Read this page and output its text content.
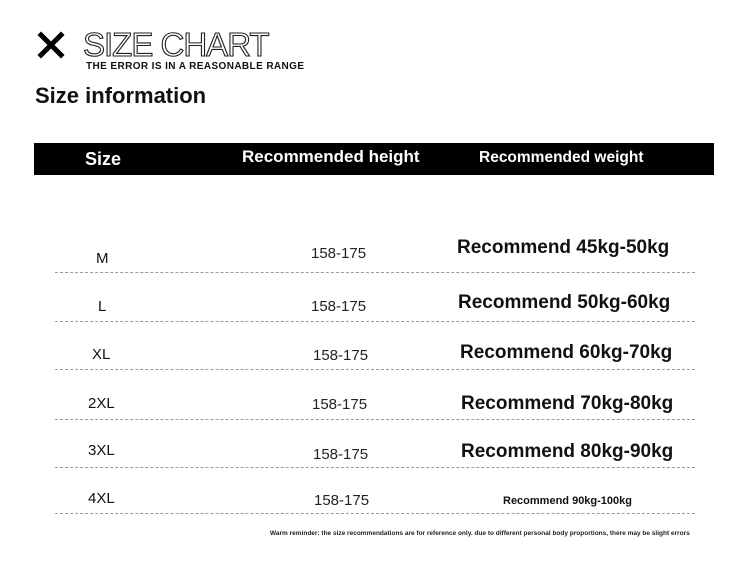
SIZE CHART
THE ERROR IS IN A REASONABLE RANGE
Size information
Size	Recommended height	Recommended weight
M	158-175	Recommend 45kg-50kg
L	158-175	Recommend 50kg-60kg
XL	158-175	Recommend 60kg-70kg
2XL	158-175	Recommend 70kg-80kg
3XL	158-175	Recommend 80kg-90kg
4XL	158-175	Recommend 90kg-100kg
Warm reminder: the size recommendations are for reference only. due to different personal body proportions, there may be slight errors
